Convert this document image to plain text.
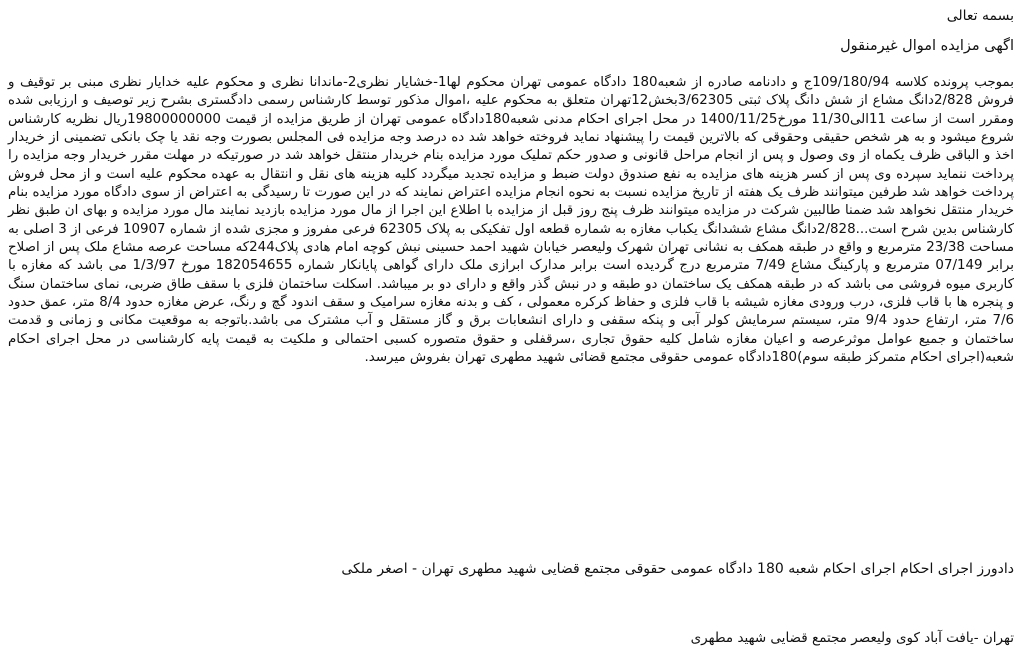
بسمه تعالی

اگهی مزایده اموال غیرمنقول

بموجب پرونده کلاسه 109/180/94ج و دادنامه صادره از شعبه180 دادگاه عمومی تهران محکوم لها1-خشایار نظری2-ماندانا نظری و محکوم علیه خدایار نظری مبنی بر توقیف و فروش 2/828دانگ مشاع از شش دانگ پلاک ثبتی 3/62305بخش12تهران متعلق به محکوم علیه ،اموال مذکور توسط کارشناس رسمی دادگستری بشرح زیر توصیف و ارزیابی شده ومقرر است از ساعت 11الی11/30 مورخ1400/11/25 در محل اجرای احکام مدنی شعبه180دادگاه عمومی تهران از طریق مزایده از قیمت 19800000000ریال نظریه کارشناس شروع میشود و به هر شخص حقیقی وحقوقی که بالاترین قیمت را پیشنهاد نماید فروخته خواهد شد ده درصد وجه مزایده فی المجلس بصورت وجه نقد یا چک بانکی تضمینی از خریدار اخذ و الباقی ظرف یکماه از وی وصول و پس از انجام مراحل قانونی و صدور حکم تملیک مورد مزایده بنام خریدار منتقل خواهد شد در صورتیکه در مهلت مقرر خریدار وجه مزایده را پرداخت ننماید سپرده وی پس از کسر هزینه های مزایده به نفع صندوق دولت ضبط و مزایده تجدید میگردد کلیه هزینه های نقل و انتقال به عهده محکوم علیه است و از محل فروش پرداخت خواهد شد طرفین میتوانند ظرف یک هفته از تاریخ مزایده نسبت به نحوه انجام مزایده اعتراض نمایند که در این صورت تا رسیدگی به اعتراض از سوی دادگاه مورد مزایده بنام خریدار منتقل نخواهد شد ضمنا طالبین شرکت در مزایده میتوانند ظرف پنج روز قبل از مزایده با اطلاع این اجرا از مال مورد مزایده بازدید نمایند مال مورد مزایده و بهای ان طبق نظر کارشناس بدین شرح است...2/828دانگ مشاع ششدانگ یکباب مغازه به شماره قطعه اول تفکیکی به پلاک 62305 فرعی مفروز و مجزی شده از شماره 10907 فرعی از 3 اصلی به مساحت 23/38 مترمربع و واقع در طبقه همکف به نشانی تهران شهرک ولیعصر خیابان شهید احمد حسینی نبش کوچه امام هادی پلاک244که مساحت عرصه مشاع ملک پس از اصلاح برابر 07/149 مترمربع و پارکینگ مشاع 7/49 مترمربع درج گردیده است برابر مدارک ابرازی ملک دارای گواهی پایانکار شماره 182054655 مورخ 1/3/97 می باشد که مغازه با کاربری میوه فروشی می باشد که در طبقه همکف یک ساختمان دو طبقه و در نبش گذر واقع و دارای دو بر میباشد. اسکلت ساختمان فلزی با سقف طاق ضربی، نمای ساختمان سنگ و پنجره ها با قاب فلزی، درب ورودی مغازه شیشه با قاب فلزی و حفاظ کرکره معمولی ، کف و بدنه مغازه سرامیک و سقف اندود گچ و رنگ، عرض مغازه حدود 8/4 متر، عمق حدود 7/6 متر، ارتفاع حدود 9/4 متر، سیستم سرمایش کولر آبی و پنکه سقفی و دارای انشعابات برق و گاز مستقل و آب مشترک می باشد.باتوجه به موقعیت مکانی و زمانی و قدمت ساختمان و جمیع عوامل موثرعرصه و اعیان مغازه شامل کلیه حقوق تجاری ،سرقفلی و حقوق متصوره کسبی احتمالی و ملکیت به قیمت پایه کارشناسی در محل اجرای احکام شعبه(اجرای احکام متمرکز طبقه سوم)180دادگاه عمومی حقوقی مجتمع قضائی شهید مطهری تهران بفروش میرسد.

دادورز اجرای احکام اجرای احکام شعبه 180 دادگاه عمومی حقوقی مجتمع قضایی شهید مطهری تهران - اصغر ملکی

تهران -یافت آباد کوی ولیعصر مجتمع قضایی شهید مطهری
